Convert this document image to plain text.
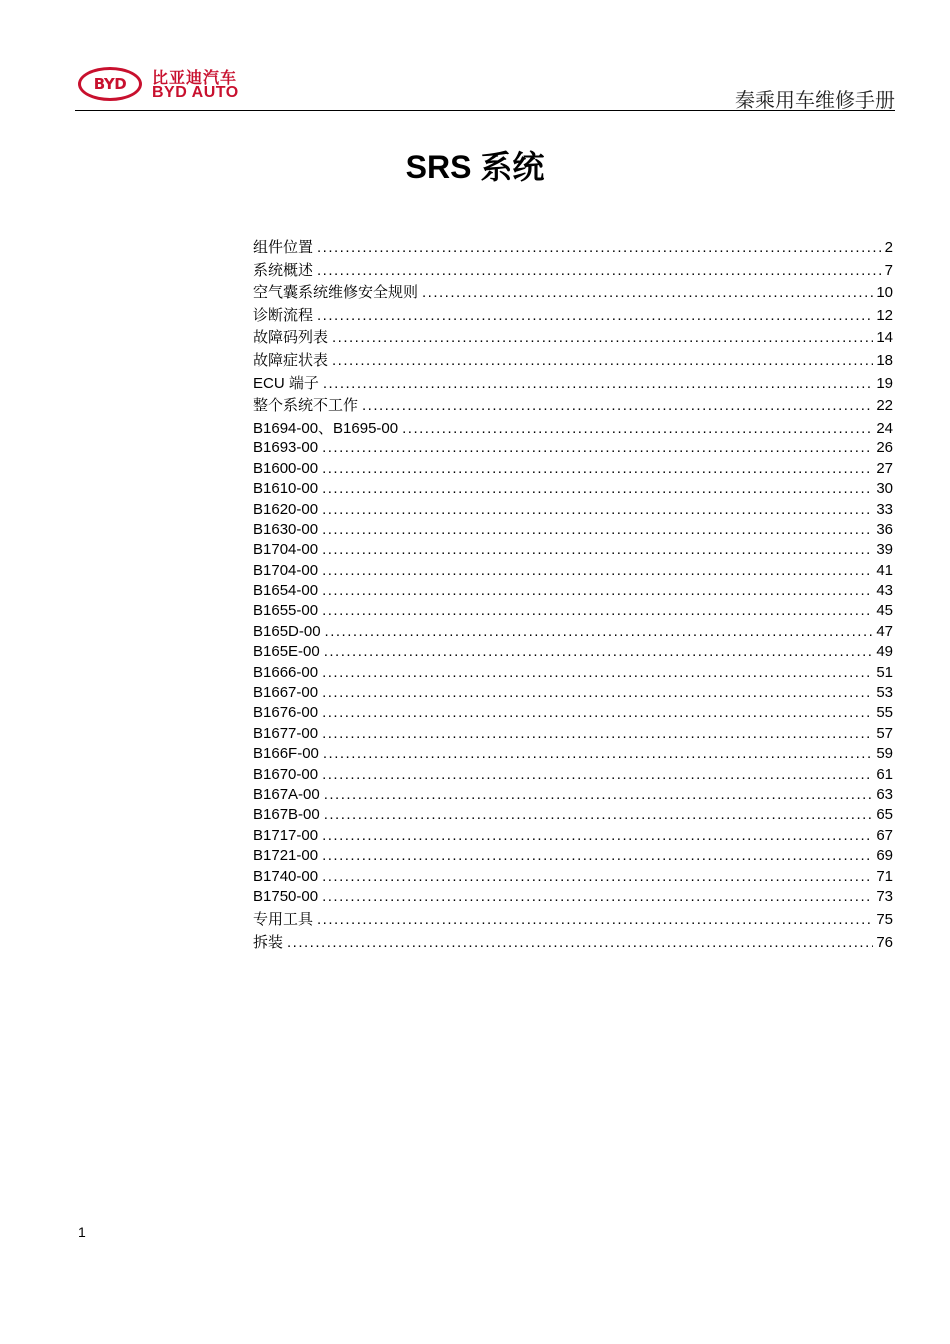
BYD	比亚迪汽车
BYD AUTO	秦乘用车维修手册
SRS 系统
组件位置 .....	2
系统概述 .....	7
空气囊系统维修安全规则 .....	10
诊断流程 .....	12
故障码列表 .....	14
故障症状表 .....	18
ECU 端子 .....	19
整个系统不工作 .....	22
B1694-00、B1695-00 .....	24
B1693-00 .....	26
B1600-00 .....	27
B1610-00 .....	30
B1620-00 .....	33
B1630-00 .....	36
B1704-00 .....	39
B1704-00 .....	41
B1654-00 .....	43
B1655-00 .....	45
B165D-00 .....	47
B165E-00 .....	49
B1666-00 .....	51
B1667-00 .....	53
B1676-00 .....	55
B1677-00 .....	57
B166F-00 .....	59
B1670-00 .....	61
B167A-00 .....	63
B167B-00 .....	65
B1717-00 .....	67
B1721-00 .....	69
B1740-00 .....	71
B1750-00 .....	73
专用工具 .....	75
拆装 .....	76
1
